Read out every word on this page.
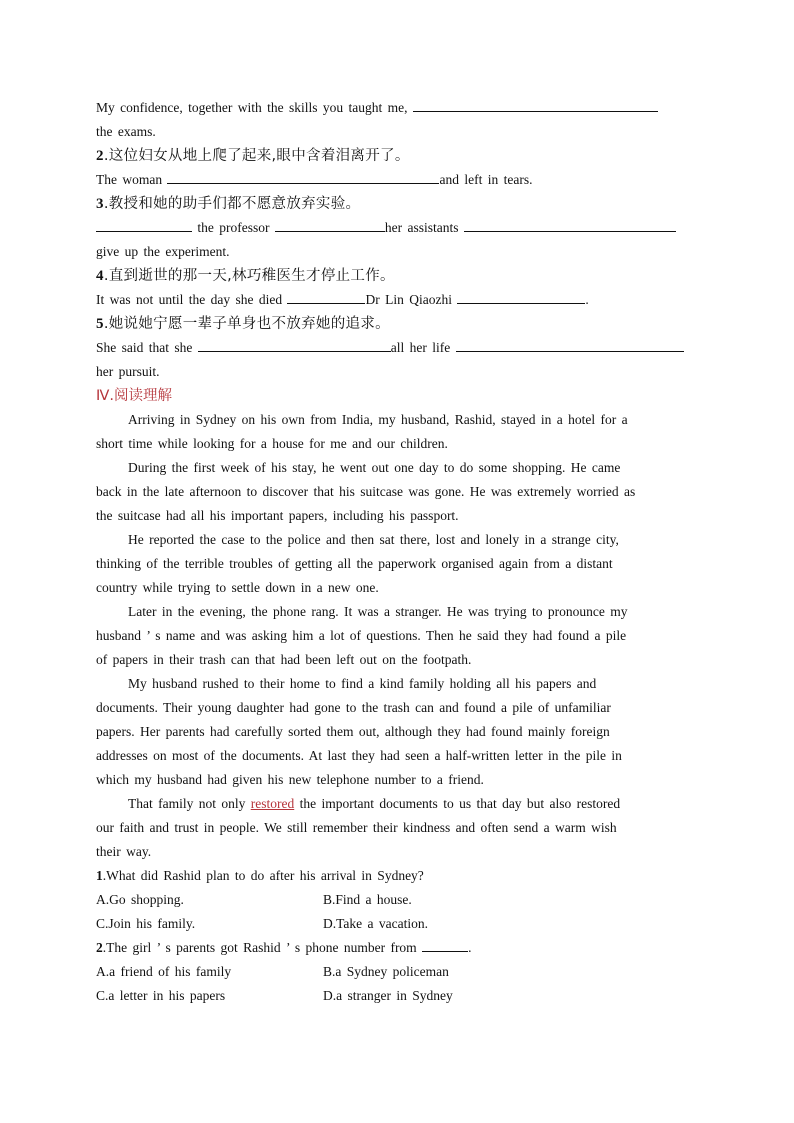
My confidence, together with the skills you taught me,
the exams.
2.这位妇女从地上爬了起来,眼中含着泪离开了。
The woman	and left in tears.
3.教授和她的助手们都不愿意放弃实验。
the professor	her assistants
give up the experiment.
4.直到逝世的那一天,林巧稚医生才停止工作。
It was not until the day she died	Dr Lin Qiaozhi	.
5.她说她宁愿一辈子单身也不放弃她的追求。
She said that she	all her life
her pursuit.
Ⅳ.阅读理解
Arriving in Sydney on his own from India, my husband, Rashid, stayed in a hotel for a
short time while looking for a house for me and our children.
During the first week of his stay, he went out one day to do some shopping. He came
back in the late afternoon to discover that his suitcase was gone. He was extremely worried as
the suitcase had all his important papers, including his passport.
He reported the case to the police and then sat there, lost and lonely in a strange city,
thinking of the terrible troubles of getting all the paperwork organised again from a distant
country while trying to settle down in a new one.
Later in the evening, the phone rang. It was a stranger. He was trying to pronounce my
husband ’ s name and was asking him a lot of questions. Then he said they had found a pile
of papers in their trash can that had been left out on the footpath.
My husband rushed to their home to find a kind family holding all his papers and
documents. Their young daughter had gone to the trash can and found a pile of unfamiliar
papers. Her parents had carefully sorted them out, although they had found mainly foreign
addresses on most of the documents. At last they had seen a half-written letter in the pile in
which my husband had given his new telephone number to a friend.
That family not only restored the important documents to us that day but also restored
our faith and trust in people. We still remember their kindness and often send a warm wish
their way.
1.What did Rashid plan to do after his arrival in Sydney?
A.Go shopping.	B.Find a house.
C.Join his family.	D.Take a vacation.
2.The girl ’ s parents got Rashid ’ s phone number from	.
A.a friend of his family	B.a Sydney policeman
C.a letter in his papers	D.a stranger in Sydney
